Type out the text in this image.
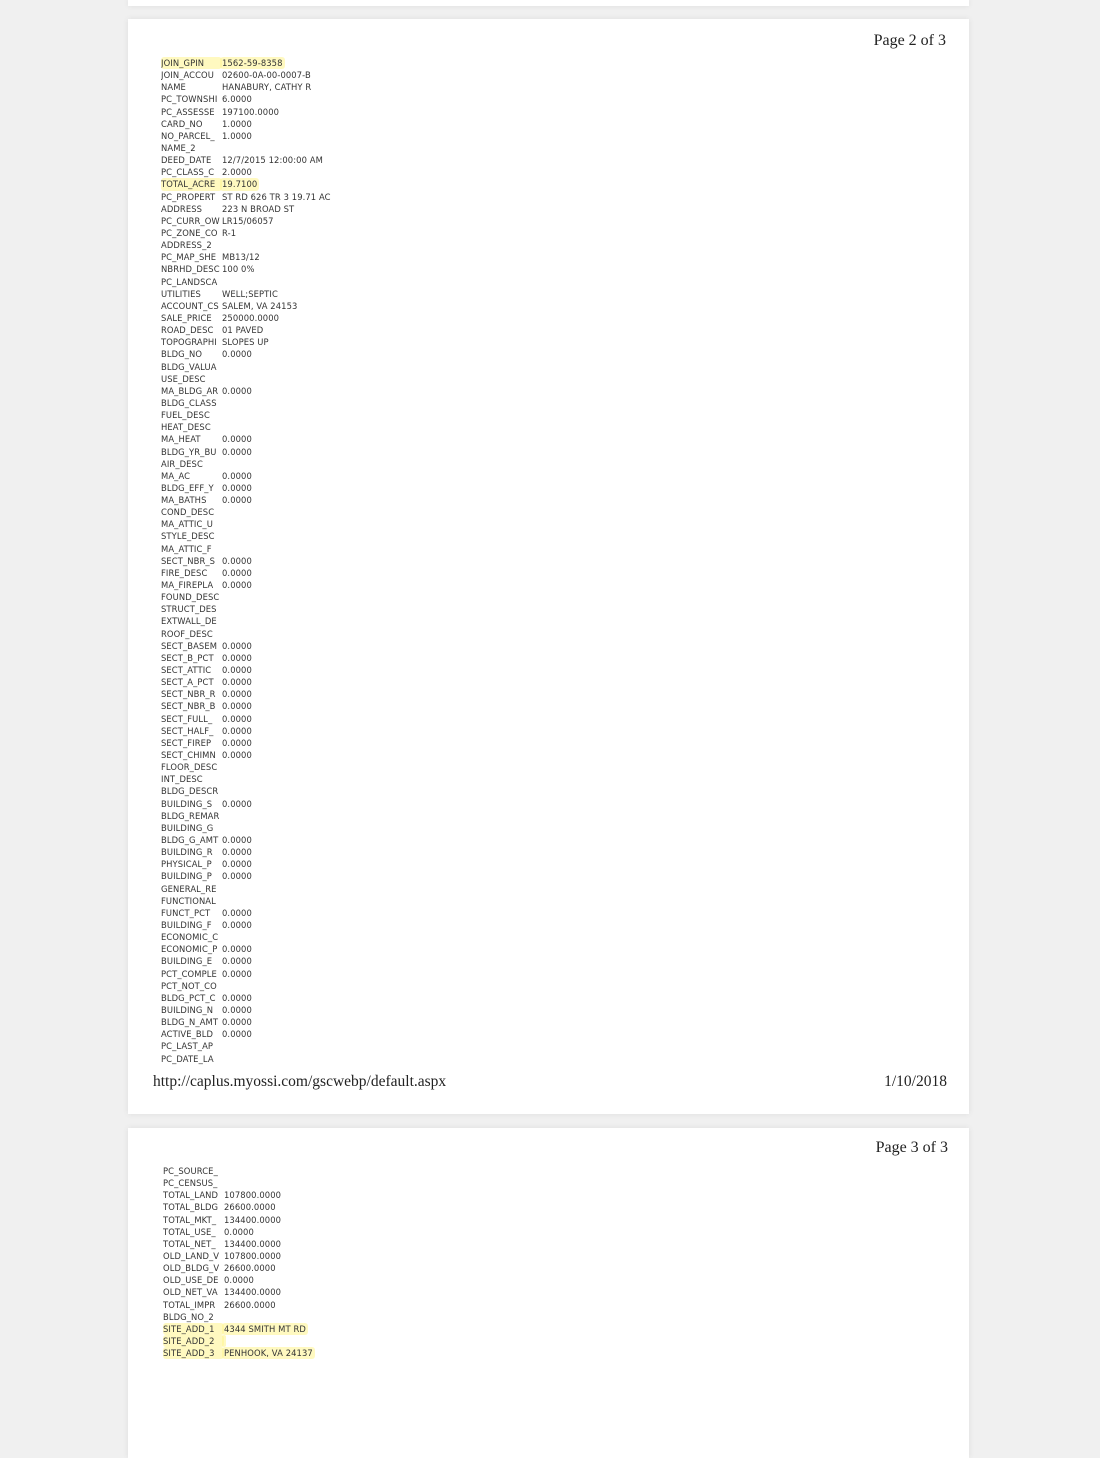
Page 2 of 3
JOIN_GPIN	1562-59-8358
JOIN_ACCOU 02600-0A-00-0007-B
NAME	HANABURY, CATHY R
PC_TOWNSHI 6.0000
PC_ASSESSE 197100.0000
CARD_NO	1.0000
NO_PARCEL_ 1.0000
NAME_2
DEED_DATE	12/7/2015 12:00:00 AM
PC_CLASS_C 2.0000
TOTAL_ACRE 19.7100
PC_PROPERT ST RD 626 TR 3 19.71 AC
ADDRESS	223 N BROAD ST
PC_CURR_OW LR15/06057
PC_ZONE_CO R-1
ADDRESS_2
PC_MAP_SHE MB13/12
NBRHD_DESC 100 0%
PC_LANDSCA
UTILITIES	WELL;SEPTIC
ACCOUNT_CS SALEM, VA 24153
SALE_PRICE	250000.0000
ROAD_DESC	01 PAVED
TOPOGRAPHI SLOPES UP
BLDG_NO	0.0000
BLDG_VALUA
USE_DESC
MA_BLDG_AR 0.0000
BLDG_CLASS
FUEL_DESC
HEAT_DESC
MA_HEAT	0.0000
BLDG_YR_BU 0.0000
AIR_DESC
MA_AC	0.0000
BLDG_EFF_Y 0.0000
MA_BATHS	0.0000
COND_DESC
MA_ATTIC_U
STYLE_DESC
MA_ATTIC_F
SECT_NBR_S 0.0000
FIRE_DESC	0.0000
MA_FIREPLA	0.0000
FOUND_DESC
STRUCT_DES
EXTWALL_DE
ROOF_DESC
SECT_BASEM 0.0000
SECT_B_PCT 0.0000
SECT_ATTIC	0.0000
SECT_A_PCT 0.0000
SECT_NBR_R 0.0000
SECT_NBR_B 0.0000
SECT_FULL_	0.0000
SECT_HALF_	0.0000
SECT_FIREP	0.0000
SECT_CHIMN 0.0000
FLOOR_DESC
INT_DESC
BLDG_DESCR
BUILDING_S	0.0000
BLDG_REMAR
BUILDING_G
BLDG_G_AMT 0.0000
BUILDING_R	0.0000
PHYSICAL_P	0.0000
BUILDING_P	0.0000
GENERAL_RE
FUNCTIONAL
FUNCT_PCT	0.0000
BUILDING_F	0.0000
ECONOMIC_C
ECONOMIC_P 0.0000
BUILDING_E	0.0000
PCT_COMPLE 0.0000
PCT_NOT_CO
BLDG_PCT_C 0.0000
BUILDING_N	0.0000
BLDG_N_AMT 0.0000
ACTIVE_BLD	0.0000
PC_LAST_AP
PC_DATE_LA
http://caplus.myossi.com/gscwebp/default.aspx	1/10/2018
Page 3 of 3
PC_SOURCE_
PC_CENSUS_
TOTAL_LAND 107800.0000
TOTAL_BLDG 26600.0000
TOTAL_MKT_ 134400.0000
TOTAL_USE_ 0.0000
TOTAL_NET_ 134400.0000
OLD_LAND_V 107800.0000
OLD_BLDG_V 26600.0000
OLD_USE_DE 0.0000
OLD_NET_VA 134400.0000
TOTAL_IMPR	26600.0000
BLDG_NO_2
SITE_ADD_1	4344 SMITH MT RD
SITE_ADD_2
SITE_ADD_3	PENHOOK, VA 24137
